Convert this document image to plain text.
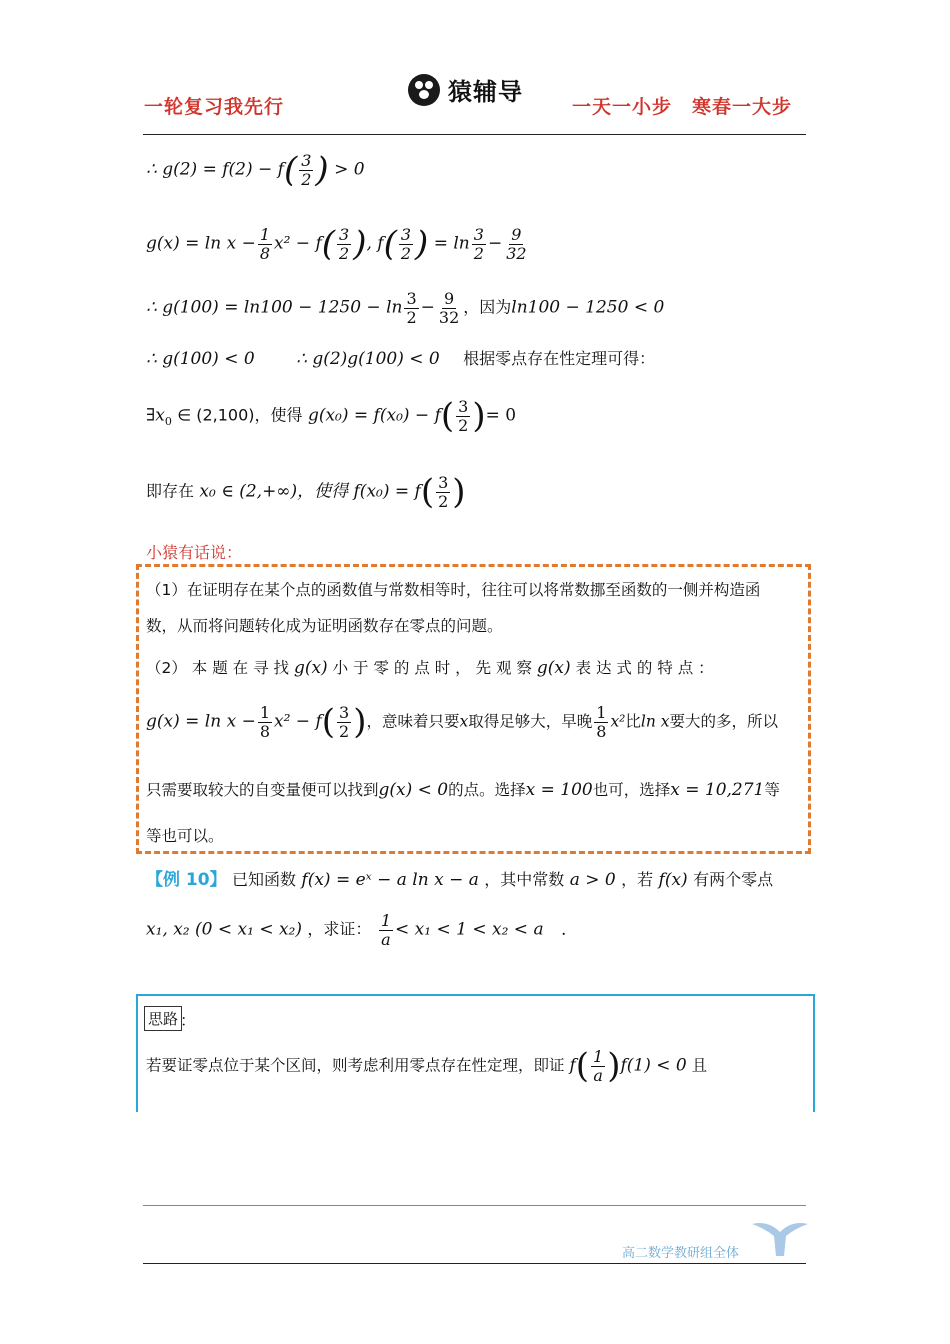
一轮复习我先行
猿辅导
一天一小步　寒春一大步
∴ $g(2) = f(2) - f( \frac{3}{2}$ ) > 0
$g(x) = \ln x - \frac{1}{8} x^2 - f( \frac{3}{2}$ ), $f( \frac{3}{2}$ ) = $\ln \frac{3}{2} - \frac{9}{32}$
∴ $g(100) = \ln 100 - 1250 - \ln \frac{3}{2} - \frac{9}{32}$ ，因为ln100 − 1250 < 0
∴ g(100) < 0 ∴ g(2)g(100) < 0 根据零点存在性定理可得：
$\exists x_0$ ∈ (2,100)，使得 $g(x_0) = f(x_0) - f( \frac{3}{2}$ )= 0
即存在 x₀ ∈ (2,+∞)，使得 $f(x_0) = f( \frac{3}{2}$ )
小猿有话说：
（1）在证明存在某个点的函数值与常数相等时，往往可以将常数挪至函数的一侧并构造函
数，从而将问题转化成为证明函数存在零点的问题。
（2） 本 题 在 寻 找 g(x) 小 于 零 的 点 时 ， 先 观 察 g(x) 表 达 式 的 特 点 ：
$g(x) = \ln x - \frac{1}{8} x^2 - f( \frac{3}{2}$ )，意味着只要x取得足够大，早晚 $\frac{1}{8} x^2$比ln x要大的多，所以
只需要取较大的自变量便可以找到g(x) < 0的点。选择x = 100也可，选择x = 10,271等
等也可以。
【例 10】 已知函数 f(x) = eˣ − a ln x − a ，其中常数 a > 0 ，若 f(x) 有两个零点
x₁, x₂ (0 < x₁ < x₂) ，求证： $\frac{1}{a} < x_1 < 1 < x_2 < a$ .
思路 ：
若要证零点位于某个区间，则考虑利用零点存在性定理，即证 $f( \frac{1}{a} )f(1) < 0$ 且
高二数学教研组全体
